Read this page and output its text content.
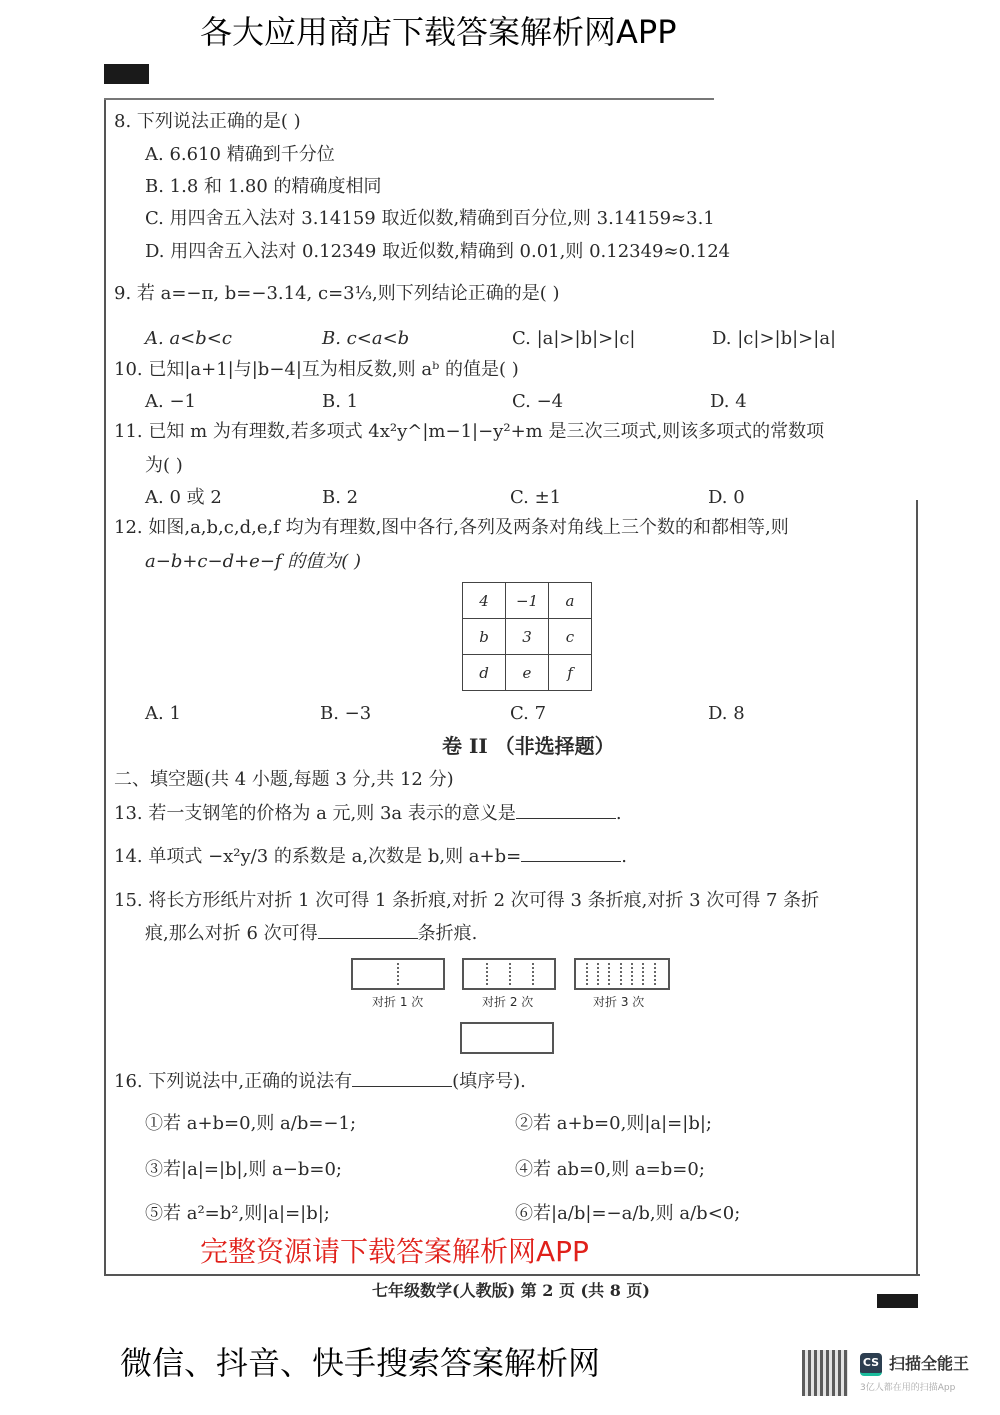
8. 下列说法正确的是( )
A. 6.610 精确到千分位
B. 1.8 和 1.80 的精确度相同
C. 用四舍五入法对 3.14159 取近似数,精确到百分位,则 3.14159≈3.1
D. 用四舍五入法对 0.12349 取近似数,精确到 0.01,则 0.12349≈0.124
9. 若 a=−π, b=−3.14, c=3⅓,则下列结论正确的是( )
A. a<b<c	B. c<a<b	C. |a|>|b|>|c|	D. |c|>|b|>|a|
10. 已知|a+1|与|b−4|互为相反数,则 aᵇ 的值是( )
A. −1	B. 1	C. −4	D. 4
11. 已知 m 为有理数,若多项式 4x²y^|m−1|−y²+m 是三次三项式,则该多项式的常数项
为( )
A. 0 或 2	B. 2	C. ±1	D. 0
12. 如图,a,b,c,d,e,f 均为有理数,图中各行,各列及两条对角线上三个数的和都相等,则
a−b+c−d+e−f 的值为( )
4	−1	a
b	3	c
d	e	f
A. 1	B. −3	C. 7	D. 8
卷 II （非选择题）
二、填空题(共 4 小题,每题 3 分,共 12 分)
13. 若一支钢笔的价格为 a 元,则 3a 表示的意义是	.
14. 单项式 −x²y/3 的系数是 a,次数是 b,则 a+b=	.
15. 将长方形纸片对折 1 次可得 1 条折痕,对折 2 次可得 3 条折痕,对折 3 次可得 7 条折
痕,那么对折 6 次可得	条折痕.
对折 1 次	对折 2 次	对折 3 次
16. 下列说法中,正确的说法有	(填序号).
①若 a+b=0,则 a/b=−1;	②若 a+b=0,则|a|=|b|;
③若|a|=|b|,则 a−b=0;	④若 ab=0,则 a=b=0;
⑤若 a²=b²,则|a|=|b|;	⑥若|a/b|=−a/b,则 a/b<0;
七年级数学(人教版) 第 2 页 (共 8 页)
各大应用商店下载答案解析网APP
完整资源请下载答案解析网APP
微信、抖音、快手搜索答案解析网	CS 扫描全能王
3亿人都在用的扫描App
